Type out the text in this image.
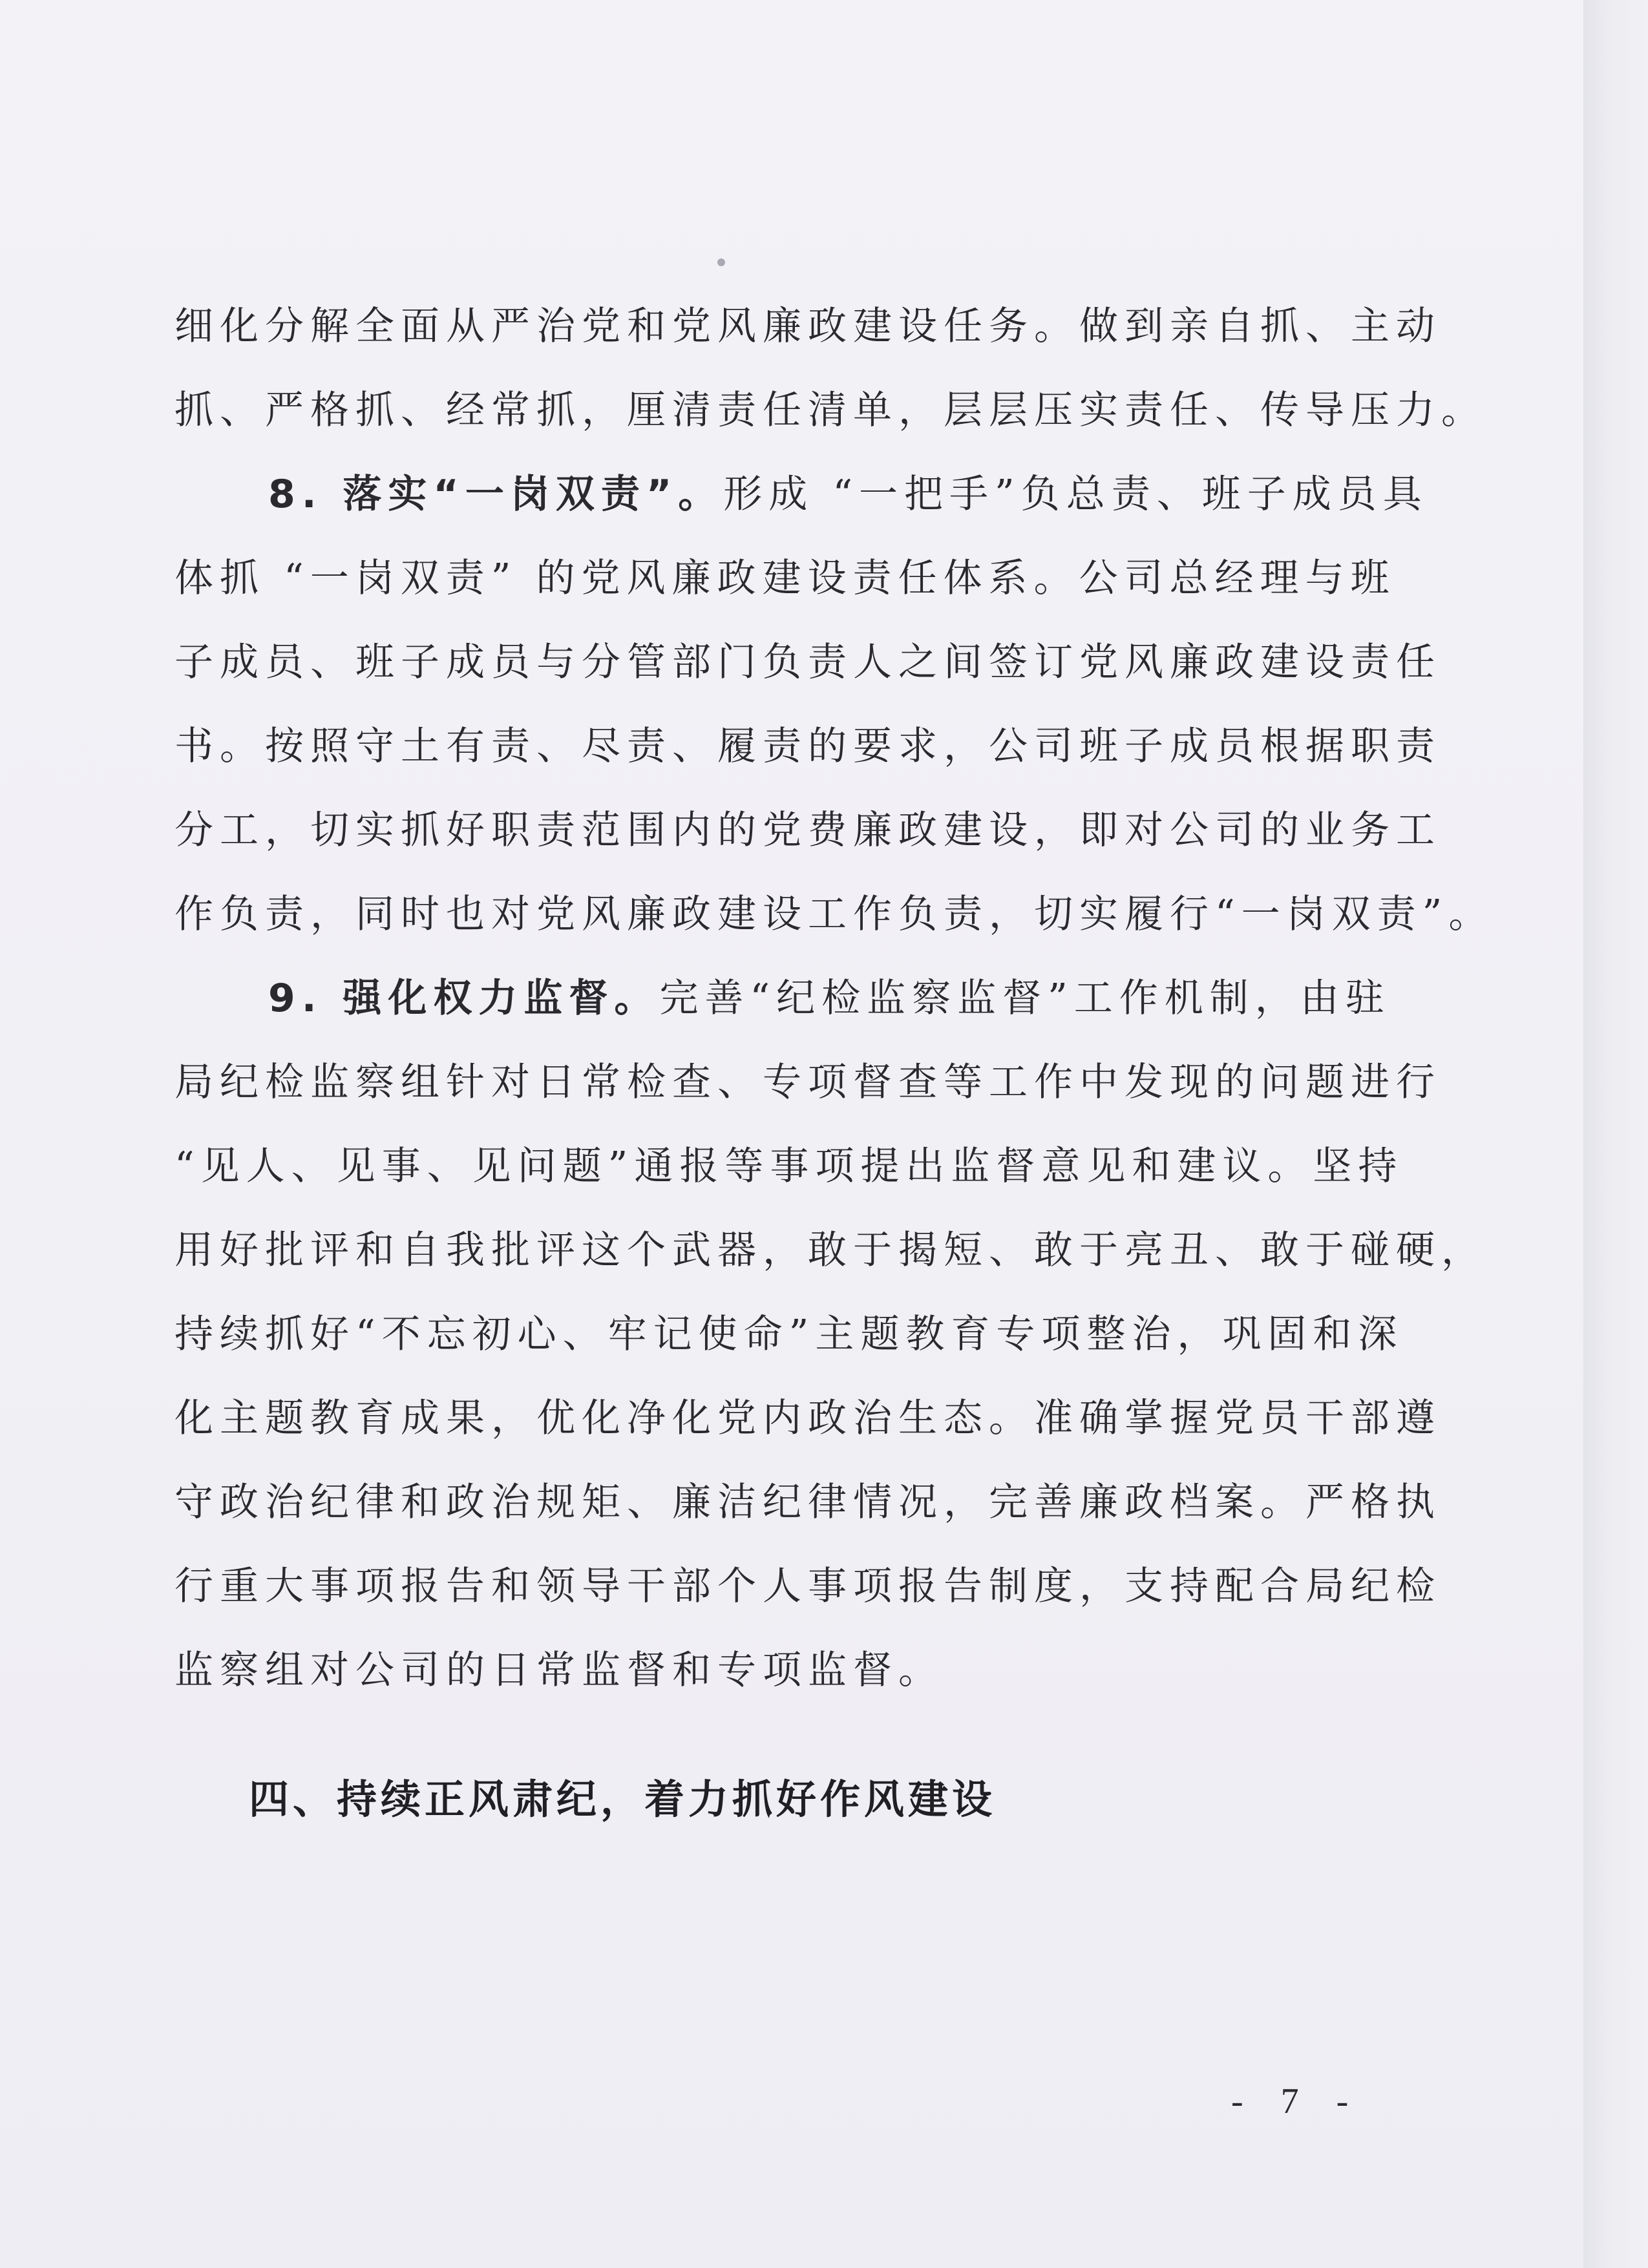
细化分解全面从严治党和党风廉政建设任务。做到亲自抓、主动
抓、严格抓、经常抓，厘清责任清单，层层压实责任、传导压力。
8. 落实“一岗双责”。形成 “一把手”负总责、班子成员具
体抓 “一岗双责” 的党风廉政建设责任体系。公司总经理与班
子成员、班子成员与分管部门负责人之间签订党风廉政建设责任
书。按照守土有责、尽责、履责的要求，公司班子成员根据职责
分工，切实抓好职责范围内的党费廉政建设，即对公司的业务工
作负责，同时也对党风廉政建设工作负责，切实履行“一岗双责”。
9. 强化权力监督。完善“纪检监察监督”工作机制，由驻
局纪检监察组针对日常检查、专项督查等工作中发现的问题进行
“见人、见事、见问题”通报等事项提出监督意见和建议。坚持
用好批评和自我批评这个武器，敢于揭短、敢于亮丑、敢于碰硬，
持续抓好“不忘初心、牢记使命”主题教育专项整治，巩固和深
化主题教育成果，优化净化党内政治生态。准确掌握党员干部遵
守政治纪律和政治规矩、廉洁纪律情况，完善廉政档案。严格执
行重大事项报告和领导干部个人事项报告制度，支持配合局纪检
监察组对公司的日常监督和专项监督。
四、持续正风肃纪，着力抓好作风建设
- 7 -
